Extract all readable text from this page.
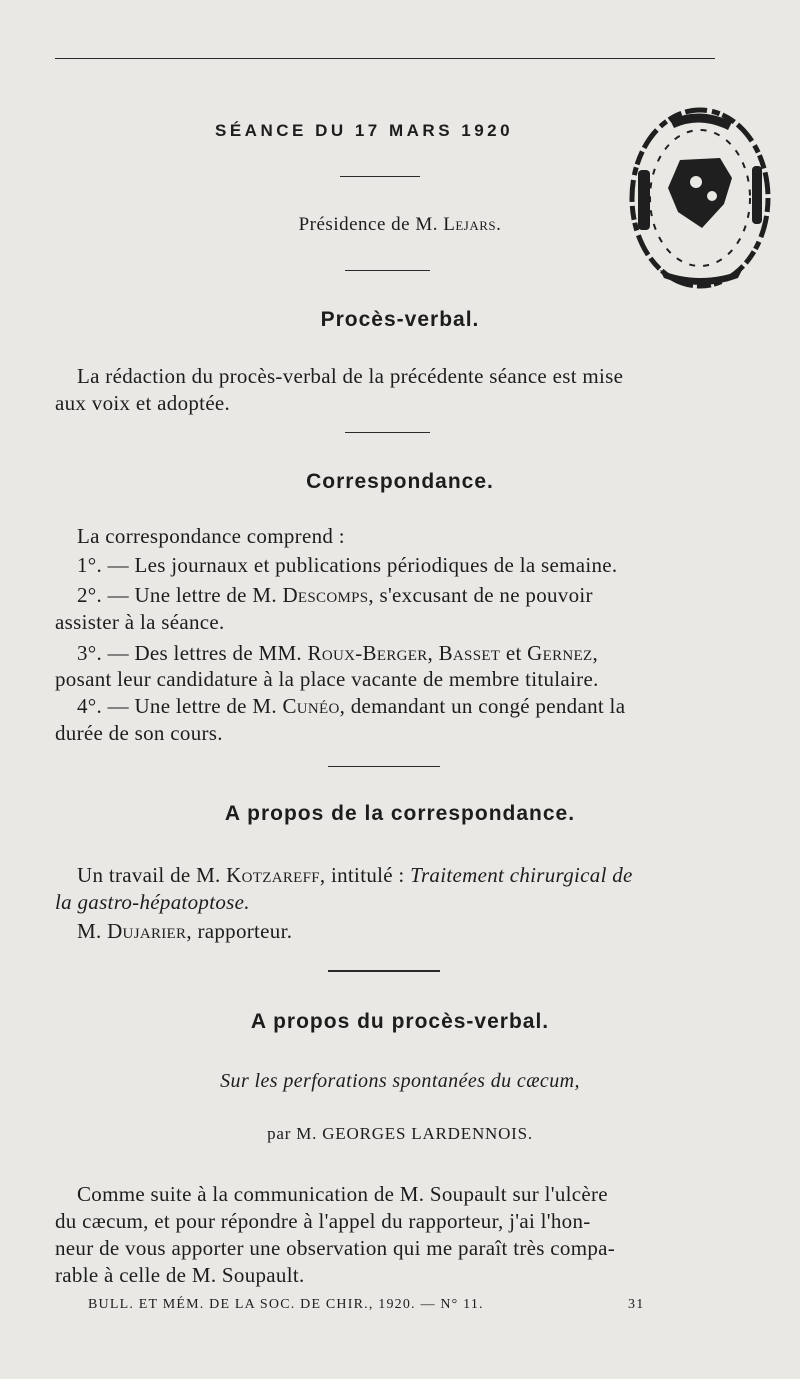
SÉANCE DU 17 MARS 1920
Présidence de M. Lejars.
Procès-verbal.
La rédaction du procès-verbal de la précédente séance est mise
aux voix et adoptée.
Correspondance.
La correspondance comprend :
1°. — Les journaux et publications périodiques de la semaine.
2°. — Une lettre de M. Descomps, s'excusant de ne pouvoir
assister à la séance.
3°. — Des lettres de MM. Roux-Berger, Basset et Gernez,
posant leur candidature à la place vacante de membre titulaire.
4°. — Une lettre de M. Cunéo, demandant un congé pendant la
durée de son cours.
A propos de la correspondance.
Un travail de M. Kotzareff, intitulé : Traitement chirurgical de
la gastro-hépatoptose.
M. Dujarier, rapporteur.
A propos du procès-verbal.
Sur les perforations spontanées du cæcum,
par M. GEORGES LARDENNOIS.
Comme suite à la communication de M. Soupault sur l'ulcère
du cæcum, et pour répondre à l'appel du rapporteur, j'ai l'hon-
neur de vous apporter une observation qui me paraît très compa-
rable à celle de M. Soupault.
BULL. ET MÉM. DE LA SOC. DE CHIR., 1920. — N° 11.	31
